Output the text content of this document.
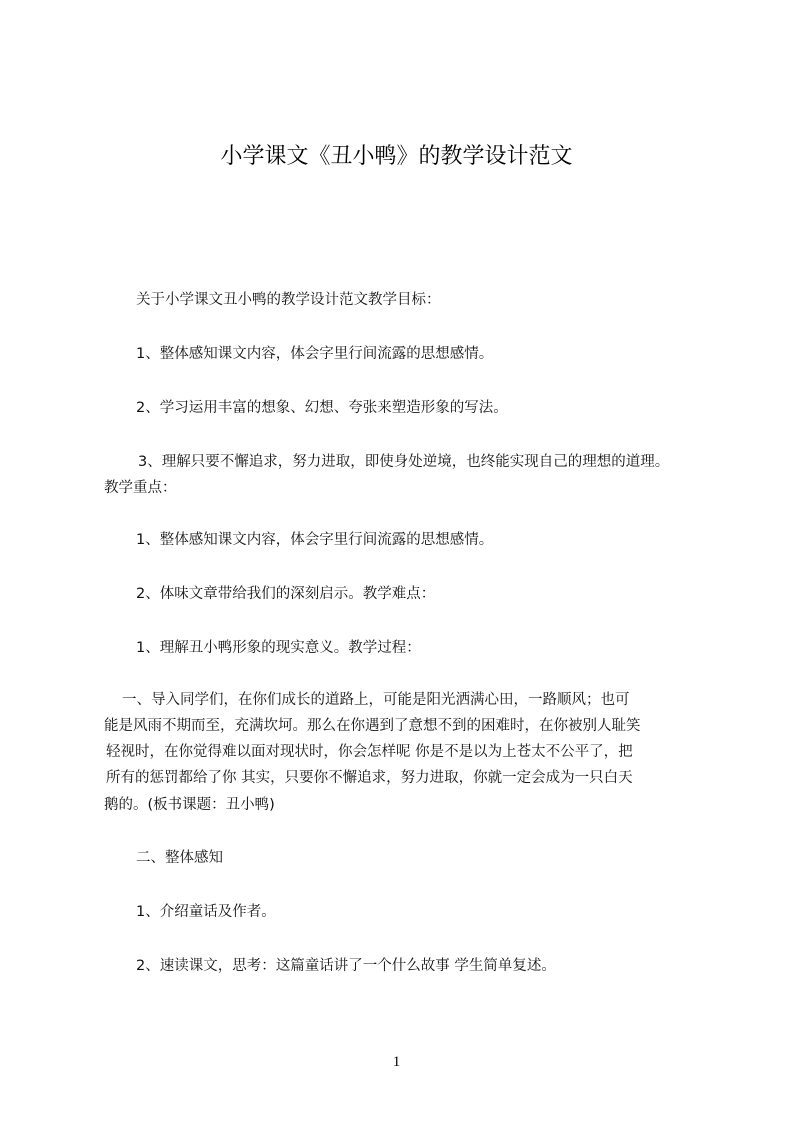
小学课文《丑小鸭》的教学设计范文
关于小学课文丑小鸭的教学设计范文教学目标：
1、整体感知课文内容，体会字里行间流露的思想感情。
2、学习运用丰富的想象、幻想、夸张来塑造形象的写法。
3、理解只要不懈追求，努力进取，即使身处逆境，也终能实现自己的理想的道理。
教学重点：
1、整体感知课文内容，体会字里行间流露的思想感情。
2、体味文章带给我们的深刻启示。教学难点：
1、理解丑小鸭形象的现实意义。教学过程：
一、导入同学们，在你们成长的道路上，可能是阳光洒满心田，一路顺风；也可
能是风雨不期而至，充满坎坷。那么在你遇到了意想不到的困难时，在你被别人耻笑
轻视时，在你觉得难以面对现状时，你会怎样呢 你是不是以为上苍太不公平了，把
所有的惩罚都给了你 其实，只要你不懈追求，努力进取，你就一定会成为一只白天
鹅的。(板书课题：丑小鸭)
二、整体感知
1、介绍童话及作者。
2、速读课文，思考：这篇童话讲了一个什么故事 学生简单复述。
1
